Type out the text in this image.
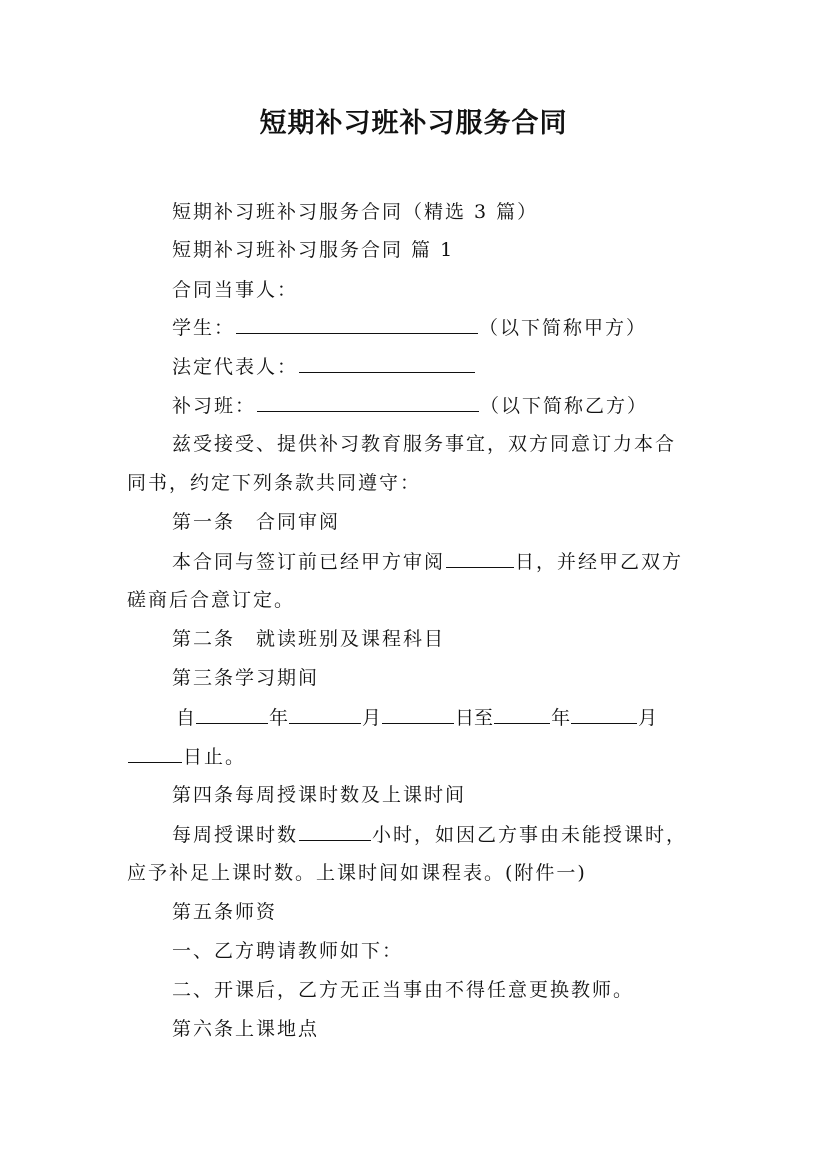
短期补习班补习服务合同
短期补习班补习服务合同（精选 3 篇）
短期补习班补习服务合同 篇 1
合同当事人：
学生：	（以下简称甲方）
法定代表人：
补习班：	（以下简称乙方）
兹受接受、提供补习教育服务事宜，双方同意订力本合
同书，约定下列条款共同遵守：
第一条　合同审阅
本合同与签订前已经甲方审阅	日，并经甲乙双方
磋商后合意订定。
第二条　就读班别及课程科目
第三条学习期间
自	年	月	日至	年	月
日止。
第四条每周授课时数及上课时间
每周授课时数	小时，如因乙方事由未能授课时，
应予补足上课时数。上课时间如课程表。(附件一)
第五条师资
一、乙方聘请教师如下：
二、开课后，乙方无正当事由不得任意更换教师。
第六条上课地点
